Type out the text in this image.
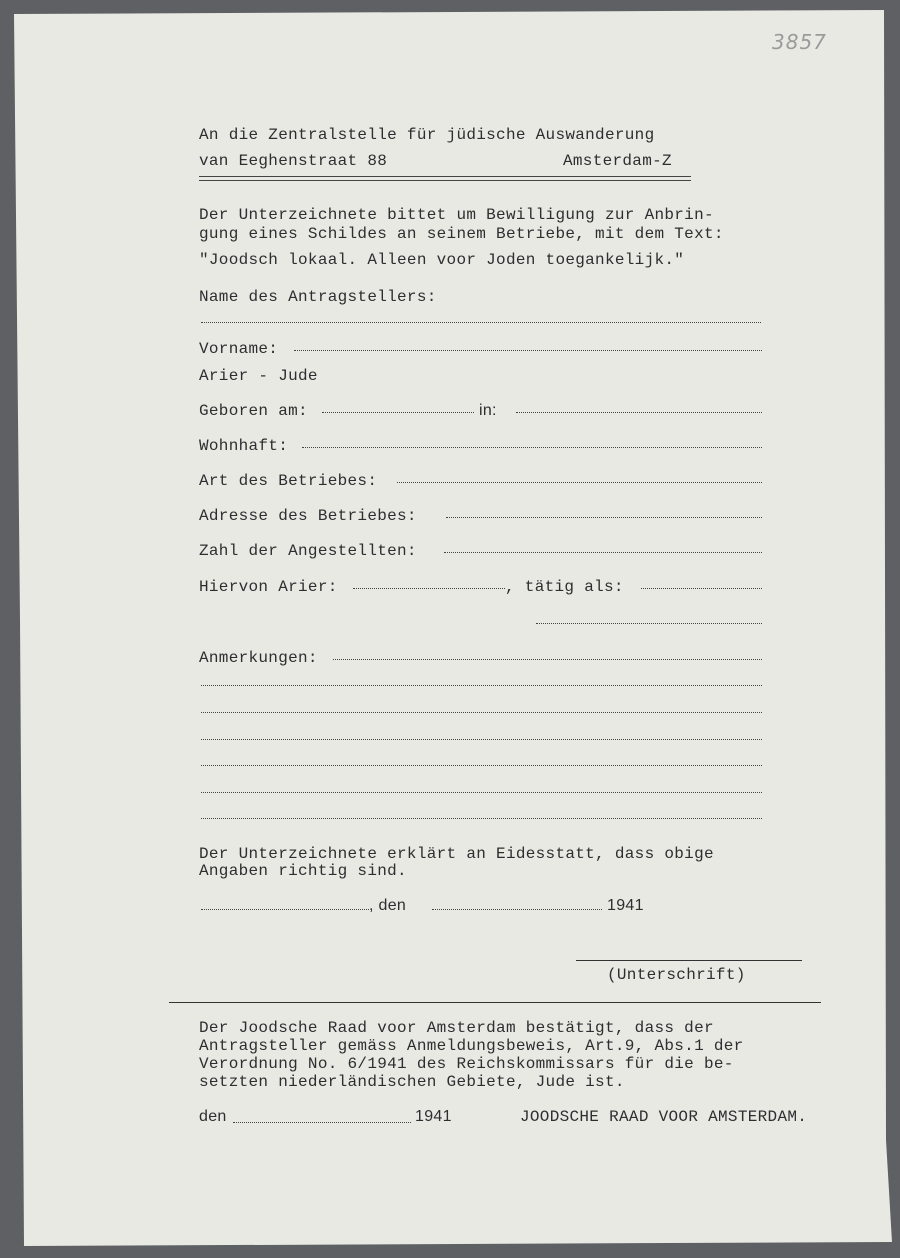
3857
An die Zentralstelle für jüdische Auswanderung
van Eeghenstraat 88	Amsterdam-Z
Der Unterzeichnete bittet um Bewilligung zur Anbrin-
gung eines Schildes an seinem Betriebe, mit dem Text:
"Joodsch lokaal. Alleen voor Joden toegankelijk."
Name des Antragstellers:
Vorname:
Arier - Jude
Geboren am:	in:
Wohnhaft:
Art des Betriebes:
Adresse des Betriebes:
Zahl der Angestellten:
Hiervon Arier:	, tätig als:
Anmerkungen:
Der Unterzeichnete erklärt an Eidesstatt, dass obige
Angaben richtig sind.
, den	1941
(Unterschrift)
Der Joodsche Raad voor Amsterdam bestätigt, dass der
Antragsteller gemäss Anmeldungsbeweis, Art.9, Abs.1 der
Verordnung No. 6/1941 des Reichskommissars für die be-
setzten niederländischen Gebiete, Jude ist.
den	1941	JOODSCHE RAAD VOOR AMSTERDAM.
